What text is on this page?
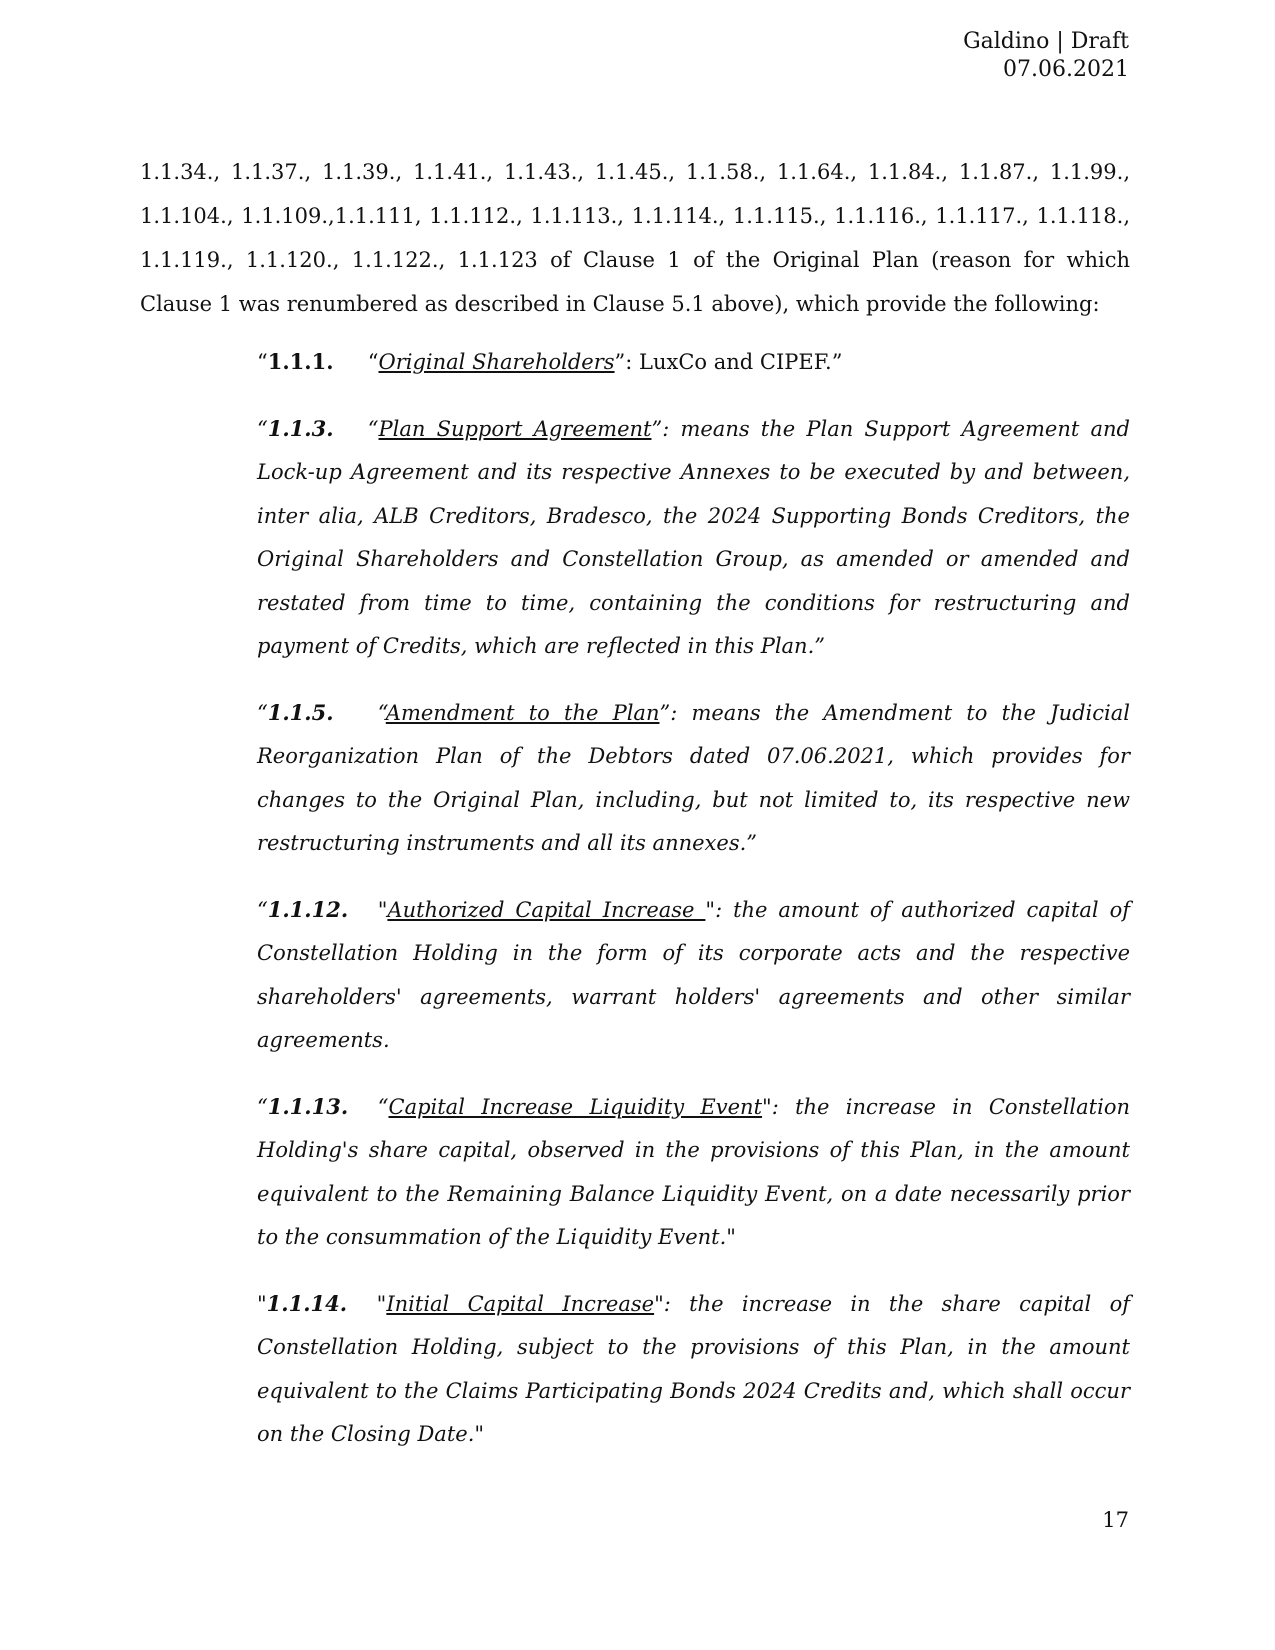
Galdino | Draft
07.06.2021
1.1.34., 1.1.37., 1.1.39., 1.1.41., 1.1.43., 1.1.45., 1.1.58., 1.1.64., 1.1.84., 1.1.87., 1.1.99., 1.1.104., 1.1.109.,1.1.111, 1.1.112., 1.1.113., 1.1.114., 1.1.115., 1.1.116., 1.1.117., 1.1.118., 1.1.119., 1.1.120., 1.1.122., 1.1.123 of Clause 1 of the Original Plan (reason for which Clause 1 was renumbered as described in Clause 5.1 above), which provide the following:

“1.1.1. “Original Shareholders”: LuxCo and CIPEF.”

“1.1.3. “Plan Support Agreement”: means the Plan Support Agreement and Lock-up Agreement and its respective Annexes to be executed by and between, inter alia, ALB Creditors, Bradesco, the 2024 Supporting Bonds Creditors, the Original Shareholders and Constellation Group, as amended or amended and restated from time to time, containing the conditions for restructuring and payment of Credits, which are reflected in this Plan.”

“1.1.5. “Amendment to the Plan”: means the Amendment to the Judicial Reorganization Plan of the Debtors dated 07.06.2021, which provides for changes to the Original Plan, including, but not limited to, its respective new restructuring instruments and all its annexes.”

“1.1.12. "Authorized Capital Increase ": the amount of authorized capital of Constellation Holding in the form of its corporate acts and the respective shareholders' agreements, warrant holders' agreements and other similar agreements.

“1.1.13. “Capital Increase Liquidity Event": the increase in Constellation Holding's share capital, observed in the provisions of this Plan, in the amount equivalent to the Remaining Balance Liquidity Event, on a date necessarily prior to the consummation of the Liquidity Event."

"1.1.14. "Initial Capital Increase": the increase in the share capital of Constellation Holding, subject to the provisions of this Plan, in the amount equivalent to the Claims Participating Bonds 2024 Credits and, which shall occur on the Closing Date."

17
